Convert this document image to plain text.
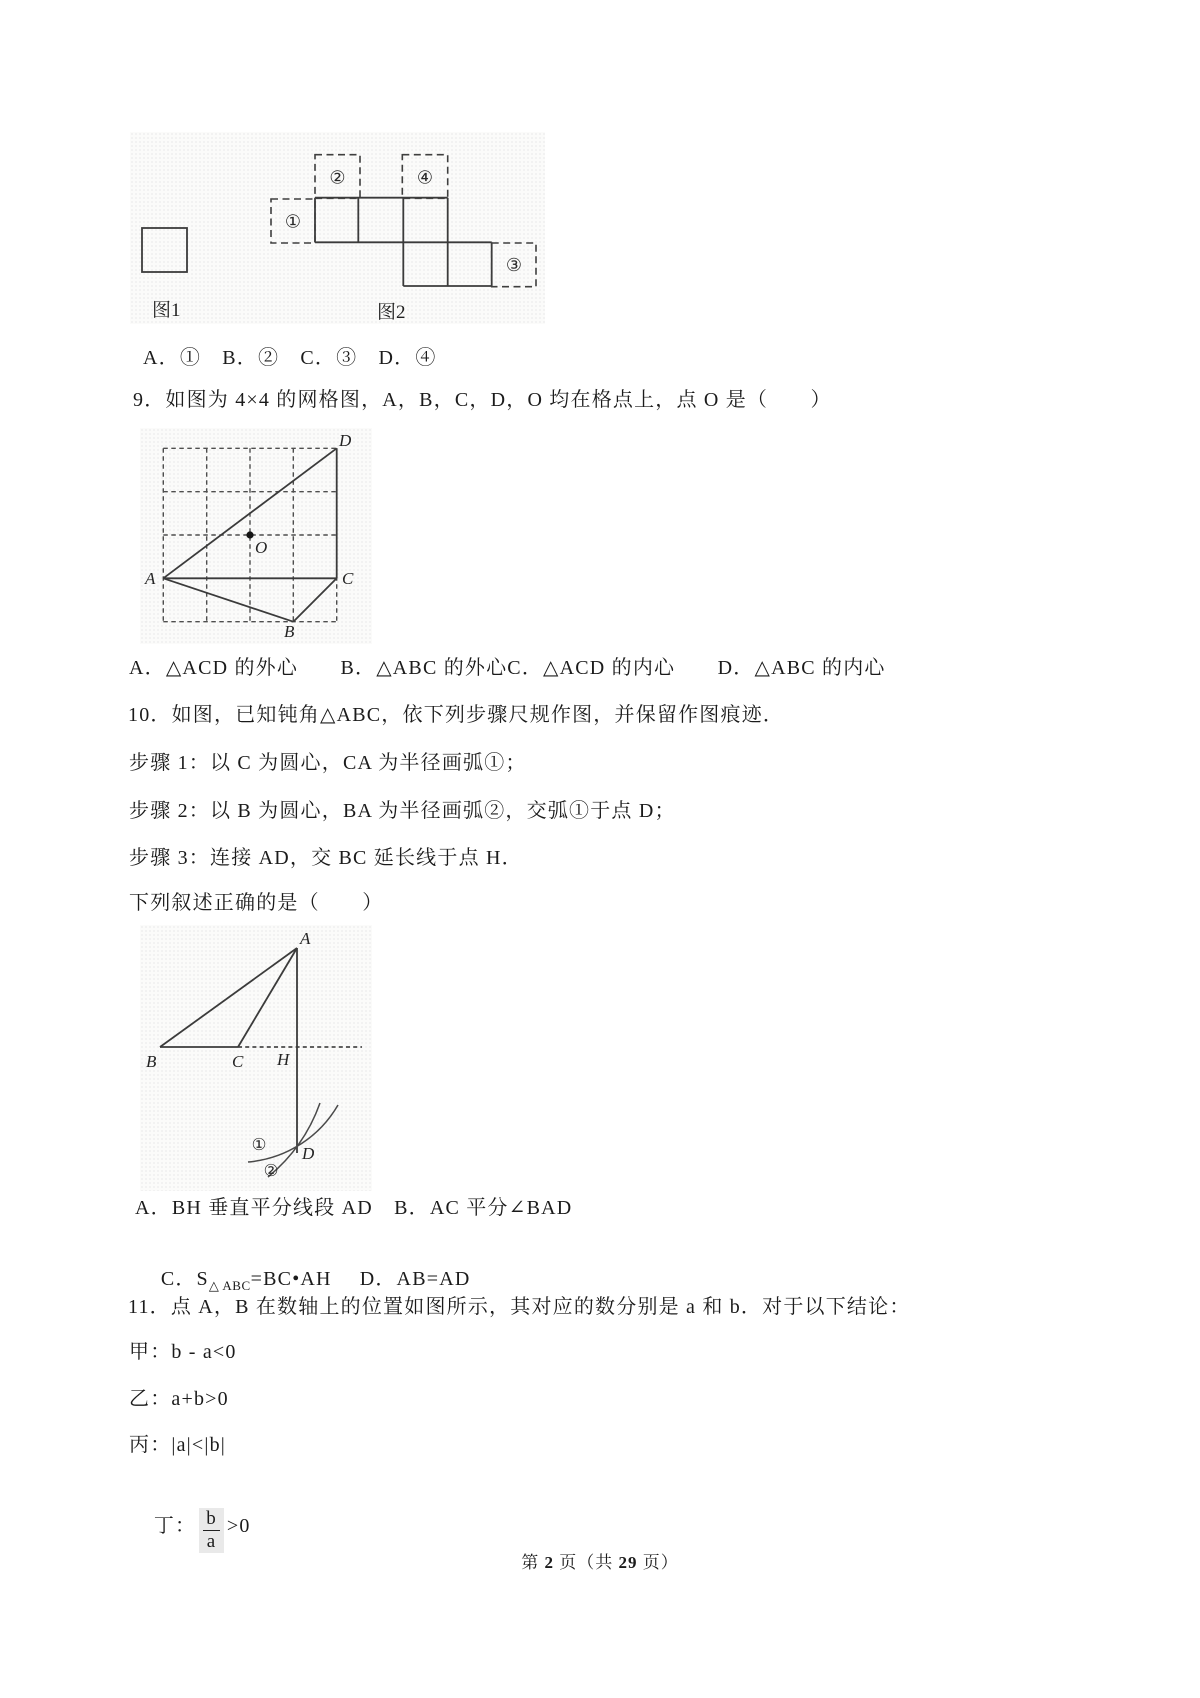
①
②
③
④
图1	图2
A．①　B．②　C．③　D．④
9．如图为 4×4 的网格图，A，B，C，D，O 均在格点上，点 O 是（　　）
A
B
C
D
O
A．△ACD 的外心　　B．△ABC 的外心C．△ACD 的内心　　D．△ABC 的内心
10．如图，已知钝角△ABC，依下列步骤尺规作图，并保留作图痕迹．
步骤 1：以 C 为圆心，CA 为半径画弧①；
步骤 2：以 B 为圆心，BA 为半径画弧②，交弧①于点 D；
步骤 3：连接 AD，交 BC 延长线于点 H．
下列叙述正确的是（　　）
A
B	C H
D
①
②
A．BH 垂直平分线段 AD　B．AC 平分∠BAD

C．$S_{\triangle ABC}=BC•AH$ D．AB=AD

11．点 A，B 在数轴上的位置如图所示，其对应的数分别是 a 和 b．对于以下结论：
甲：b - a<0
乙：a+b>0
丙：|a|<|b|

丁： $\frac{b}{a} >0$

第 2 页（共 29 页）
